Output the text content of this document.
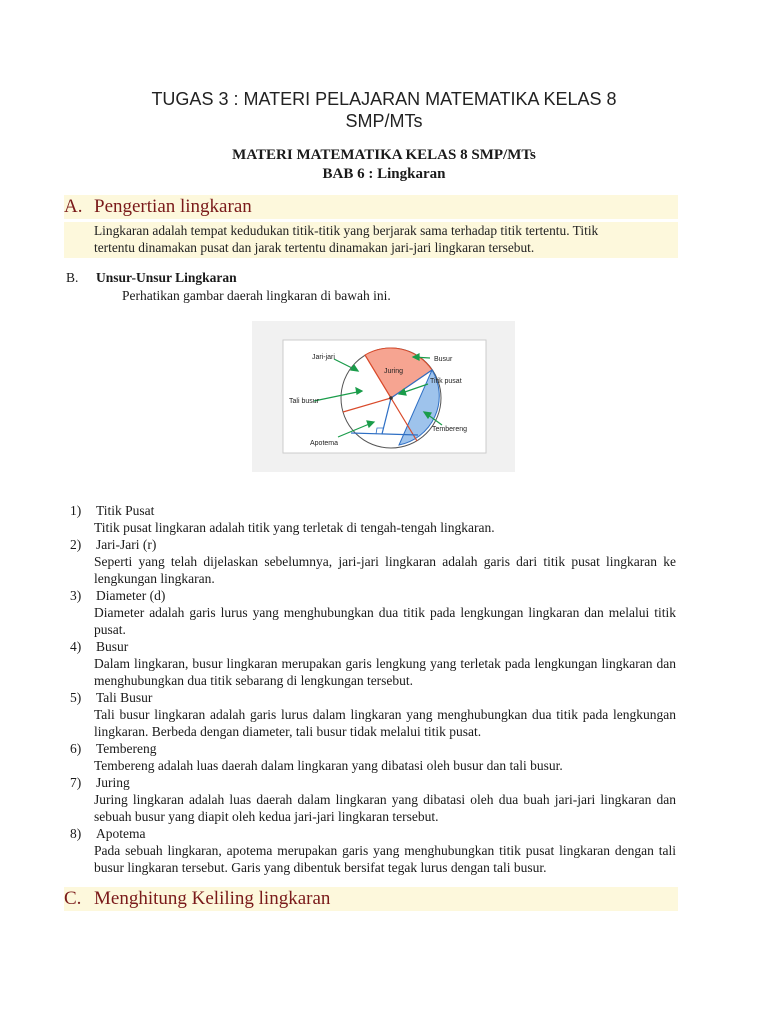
TUGAS 3 : MATERI PELAJARAN MATEMATIKA KELAS 8
SMP/MTs
MATERI MATEMATIKA KELAS 8 SMP/MTs
BAB 6 : Lingkaran
A. Pengertian lingkaran
Lingkaran adalah tempat kedudukan titik-titik yang berjarak sama terhadap titik tertentu. Titik
tertentu dinamakan pusat dan jarak tertentu dinamakan jari-jari lingkaran tersebut.
B. Unsur-Unsur Lingkaran
Perhatikan gambar daerah lingkaran di bawah ini.
Jari-jari
Juring
Busur
Titik pusat
Tali busur
Tembereng
Apotema
1) Titik Pusat
Titik pusat lingkaran adalah titik yang terletak di tengah-tengah lingkaran.
2) Jari-Jari (r)
Seperti yang telah dijelaskan sebelumnya, jari-jari lingkaran adalah garis dari titik pusat lingkaran ke lengkungan lingkaran.
3) Diameter (d)
Diameter adalah garis lurus yang menghubungkan dua titik pada lengkungan lingkaran dan melalui titik pusat.
4) Busur
Dalam lingkaran, busur lingkaran merupakan garis lengkung yang terletak pada lengkungan lingkaran dan menghubungkan dua titik sebarang di lengkungan tersebut.
5) Tali Busur
Tali busur lingkaran adalah garis lurus dalam lingkaran yang menghubungkan dua titik pada lengkungan lingkaran. Berbeda dengan diameter, tali busur tidak melalui titik pusat.
6) Tembereng
Tembereng adalah luas daerah dalam lingkaran yang dibatasi oleh busur dan tali busur.
7) Juring
Juring lingkaran adalah luas daerah dalam lingkaran yang dibatasi oleh dua buah jari-jari lingkaran dan sebuah busur yang diapit oleh kedua jari-jari lingkaran tersebut.
8) Apotema
Pada sebuah lingkaran, apotema merupakan garis yang menghubungkan titik pusat lingkaran dengan tali busur lingkaran tersebut. Garis yang dibentuk bersifat tegak lurus dengan tali busur.
C. Menghitung Keliling lingkaran
